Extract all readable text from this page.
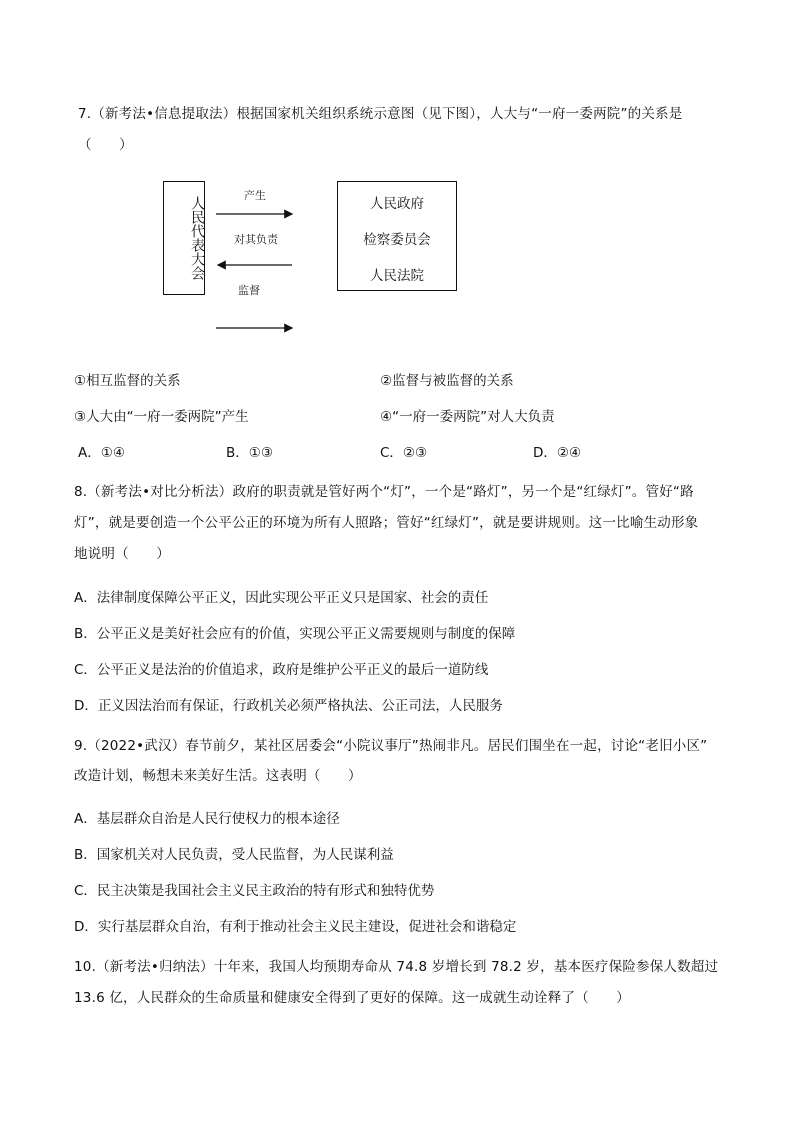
7.（新考法•信息提取法）根据国家机关组织系统示意图（见下图），人大与“一府一委两院”的关系是
（　　）
人民代表大会
产生
对其负责
监督
人民政府
检察委员会
人民法院
①相互监督的关系	②监督与被监督的关系
③人大由“一府一委两院”产生	④“一府一委两院”对人大负责
A．①④	B．①③	C．②③	D．②④
8.（新考法•对比分析法）政府的职责就是管好两个“灯”，一个是“路灯”，另一个是“红绿灯”。管好“路
灯”，就是要创造一个公平公正的环境为所有人照路；管好“红绿灯”，就是要讲规则。这一比喻生动形象
地说明（　　）
A．法律制度保障公平正义，因此实现公平正义只是国家、社会的责任
B．公平正义是美好社会应有的价值，实现公平正义需要规则与制度的保障
C．公平正义是法治的价值追求，政府是维护公平正义的最后一道防线
D．正义因法治而有保证，行政机关必须严格执法、公正司法，人民服务
9.（2022•武汉）春节前夕，某社区居委会“小院议事厅”热闹非凡。居民们围坐在一起，讨论“老旧小区”
改造计划，畅想未来美好生活。这表明（　　）
A．基层群众自治是人民行使权力的根本途径
B．国家机关对人民负责，受人民监督，为人民谋利益
C．民主决策是我国社会主义民主政治的特有形式和独特优势
D．实行基层群众自治，有利于推动社会主义民主建设，促进社会和谐稳定
10.（新考法•归纳法）十年来，我国人均预期寿命从 74.8 岁增长到 78.2 岁，基本医疗保险参保人数超过
13.6 亿，人民群众的生命质量和健康安全得到了更好的保障。这一成就生动诠释了（　　）
